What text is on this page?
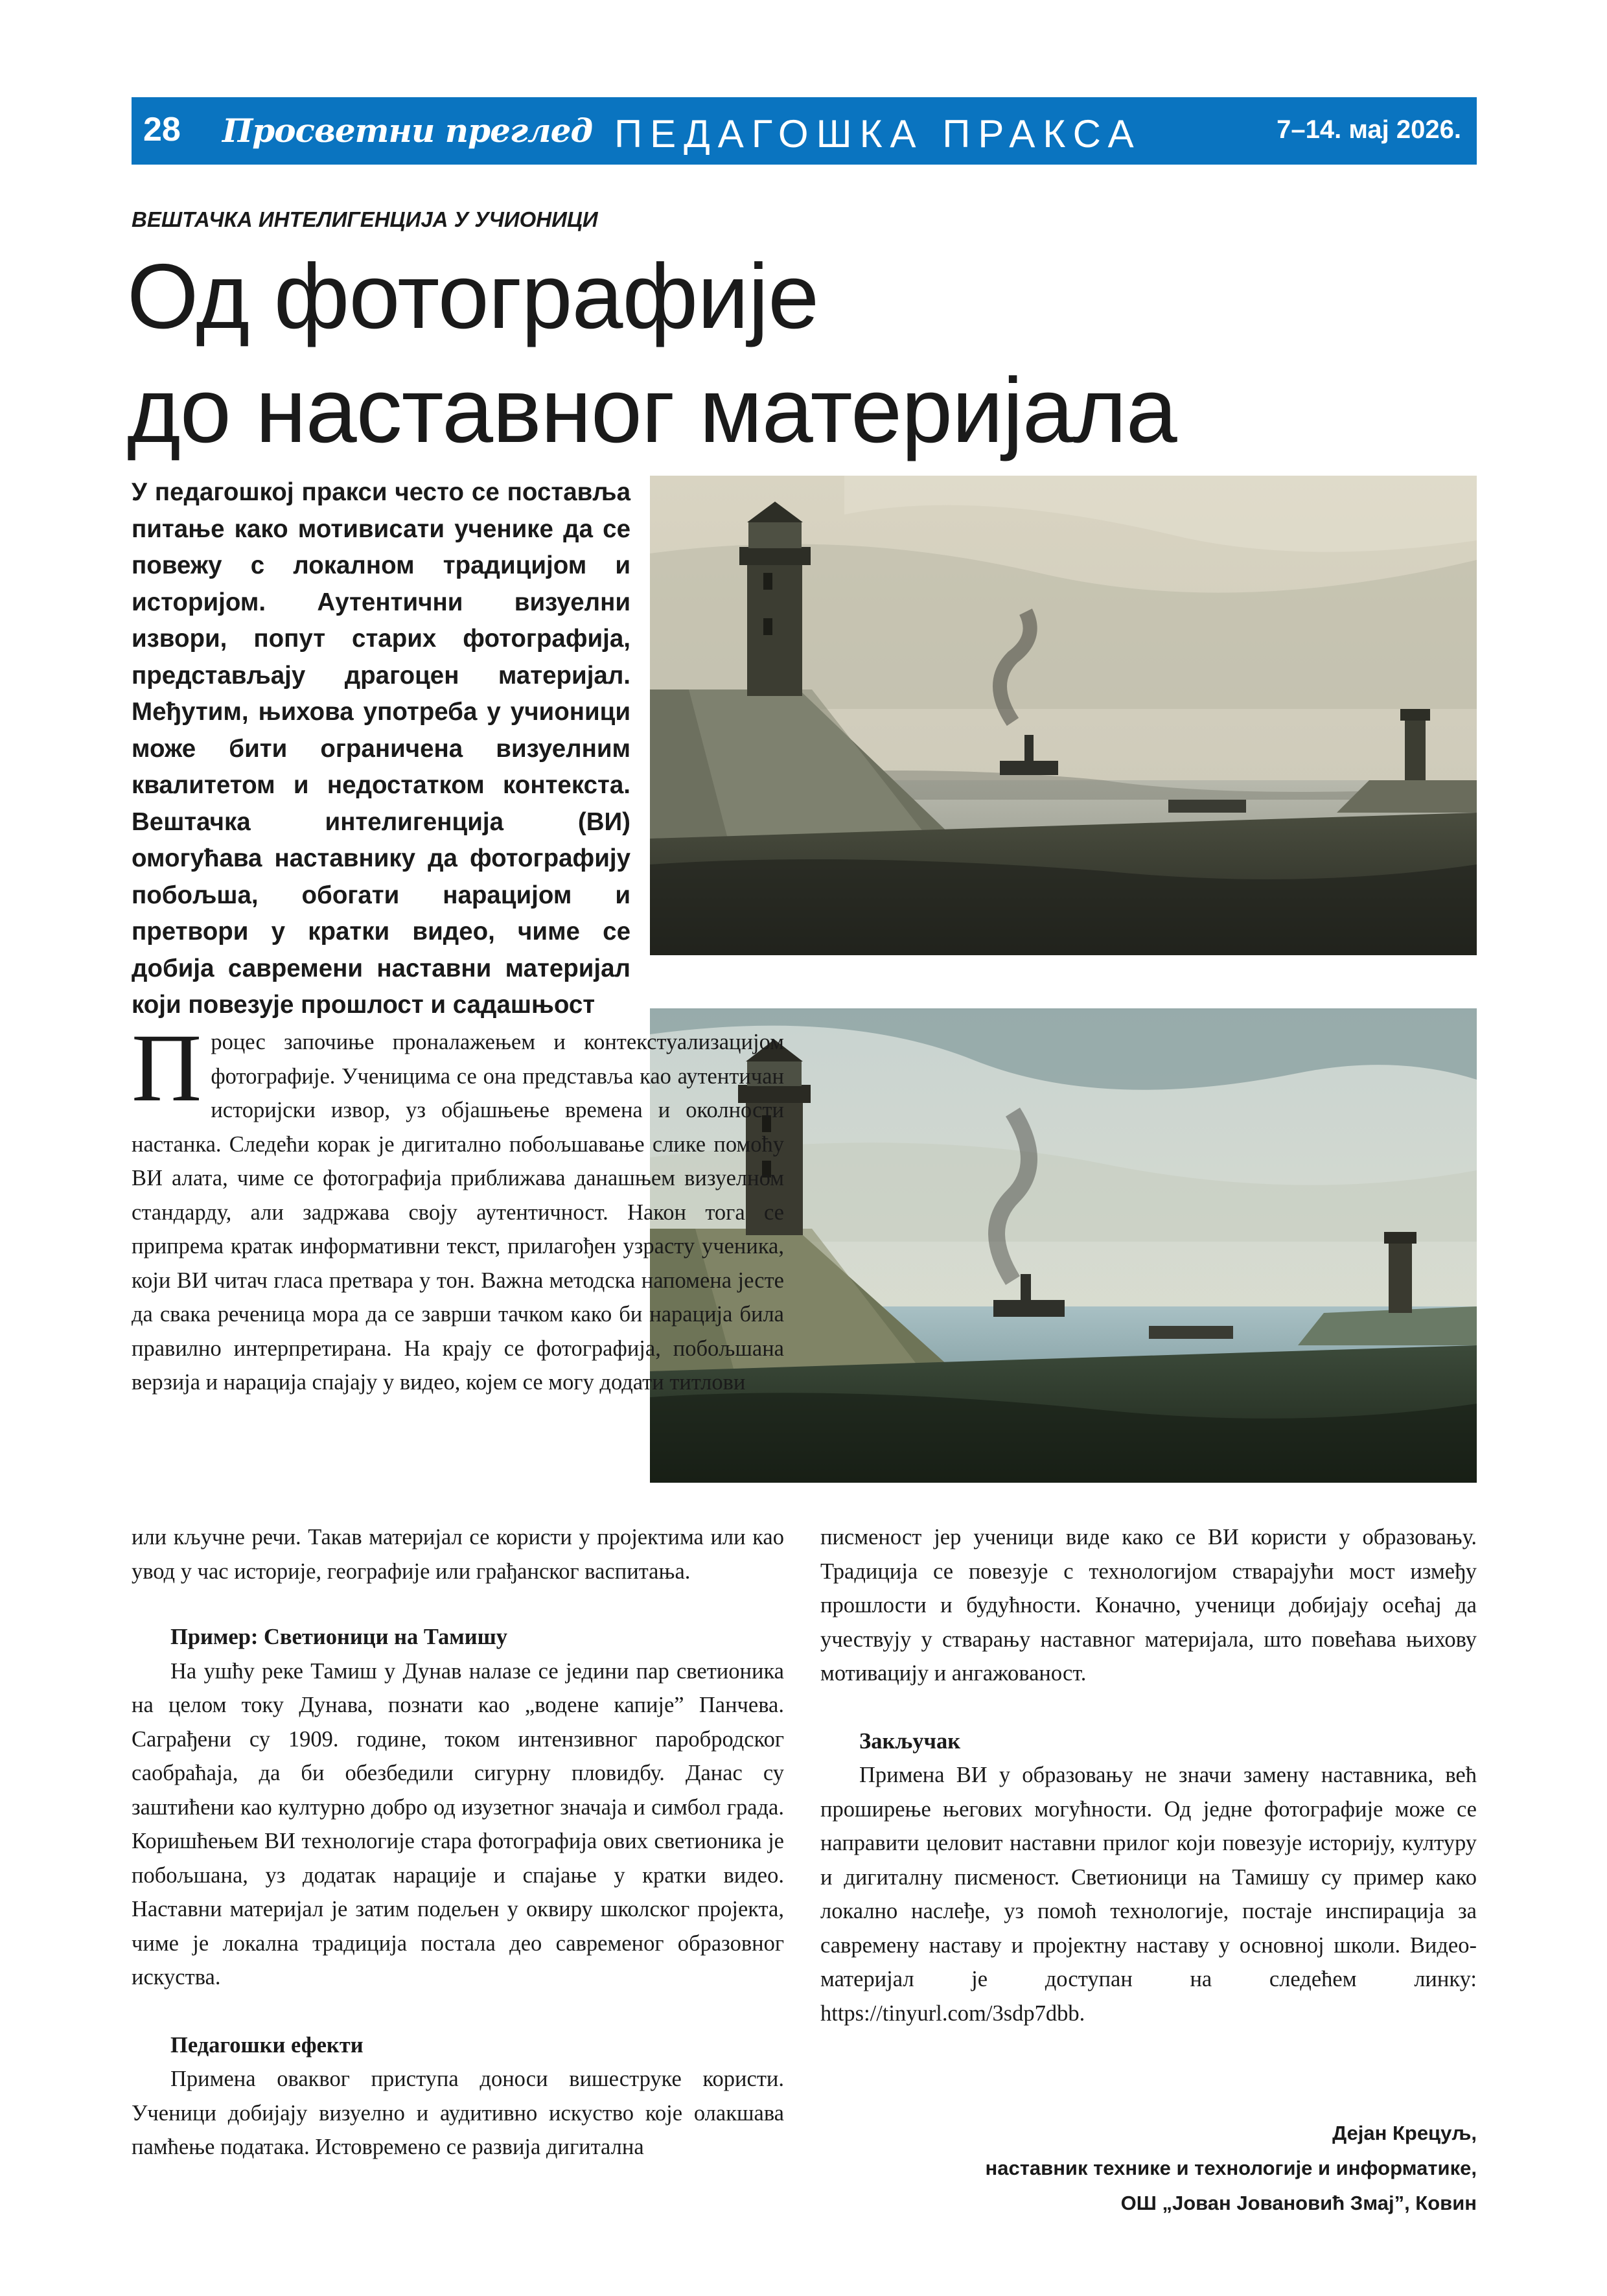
28 Просветни преглед ПЕДАГОШКА ПРАКСА	7–14. мај 2026.
ВЕШТАЧКА ИНТЕЛИГЕНЦИЈА У УЧИОНИЦИ
Од фотографије
до наставног материјала
У педагошкој пракси често се поставља питање како мотивисати ученике да се повежу с локалном традицијом и историјом. Аутентични визуелни извори, попут старих фотографија, представљају драгоцен материјал. Међутим, њихова употреба у учионици може бити ограничена визуелним квалитетом и недостатком контекста. Вештачка интелигенција (ВИ) омогућава наставнику да фотографију побољша, обогати нарацијом и претвори у кратки видео, чиме се добија савремени наставни материјал који повезује прошлост и садашњост

Процес започиње проналажењем и контекстуализацијом фотографије. Ученицима се она представља као аутентичан историјски извор, уз објашњење времена и околности настанка. Следећи корак је дигитално побољшавање слике помоћу ВИ алата, чиме се фотографија приближава данашњем визуелном стандарду, али задржава своју аутентичност. Након тога се припрема кратак информативни текст, прилагођен узрасту ученика, који ВИ читач гласа претвара у тон. Важна методска напомена јесте да свака реченица мора да се заврши тачком како би нарација била правилно интерпретирана. На крају се фотографија, побољшана верзија и нарација спајају у видео, којем се могу додати титлови

или кључне речи. Такав материјал се користи у пројектима или као увод у час историје, географије или грађанског васпитања.

Пример: Светионици на Тамишу

На ушћу реке Тамиш у Дунав налазе се једини пар светионика на целом току Дунава, познати као „водене капије” Панчева. Саграђени су 1909. године, током интензивног паробродског саобраћаја, да би обезбедили сигурну пловидбу. Данас су заштићени као културно добро од изузетног значаја и симбол града. Коришћењем ВИ технологије стара фотографија ових светионика је побољшана, уз додатак нарације и спајање у кратки видео. Наставни материјал је затим подељен у оквиру школског пројекта, чиме је локална традиција постала део савременог образовног искуства.

Педагошки ефекти

Примена оваквог приступа доноси вишеструке користи. Ученици добијају визуелно и аудитивно искуство које олакшава памћење података. Истовремено се развија дигитална

писменост јер ученици виде како се ВИ користи у образовању. Традиција се повезује с технологијом стварајући мост између прошлости и будућности. Коначно, ученици добијају осећај да учествују у стварању наставног материјала, што повећава њихову мотивацију и ангажованост.

Закључак

Примена ВИ у образовању не значи замену наставника, већ проширење његових могућности. Од једне фотографије може се направити целовит наставни прилог који повезује историју, културу и дигиталну писменост. Светионици на Тамишу су пример како локално наслеђе, уз помоћ технологије, постаје инспирација за савремену наставу и пројектну наставу у основној школи. Видео-материјал је доступан на следећем линку: https://tinyurl.com/3sdp7dbb.

Дејан Крецуљ,
наставник технике и технологије и информатике,
ОШ „Јован Јовановић Змај”, Ковин
